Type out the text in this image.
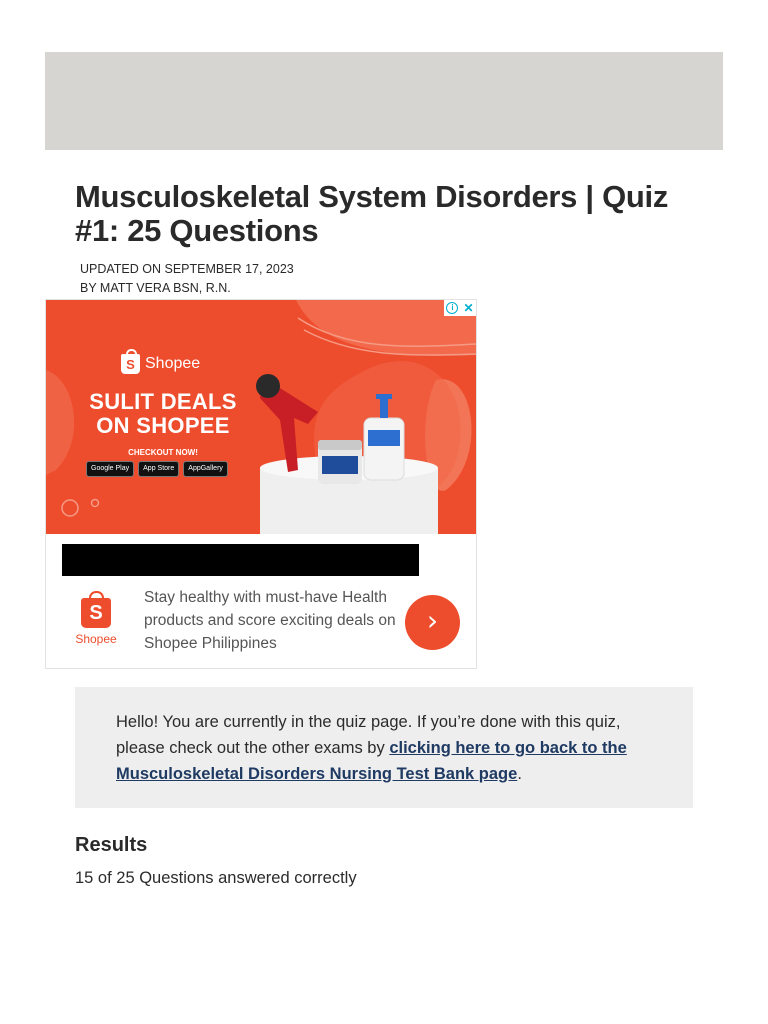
Musculoskeletal System Disorders | Quiz #1: 25 Questions
UPDATED ON SEPTEMBER 17, 2023
BY MATT VERA BSN, R.N.
i ✕
S Shopee
SULIT DEALS ON SHOPEE
CHECKOUT NOW!
Google Play	App Store	AppGallery
S
Shopee
Stay healthy with must-have Health products and score exciting deals on Shopee Philippines
›
Hello! You are currently in the quiz page. If you’re done with this quiz, please check out the other exams by clicking here to go back to the Musculoskeletal Disorders Nursing Test Bank page.
Results
15 of 25 Questions answered correctly
